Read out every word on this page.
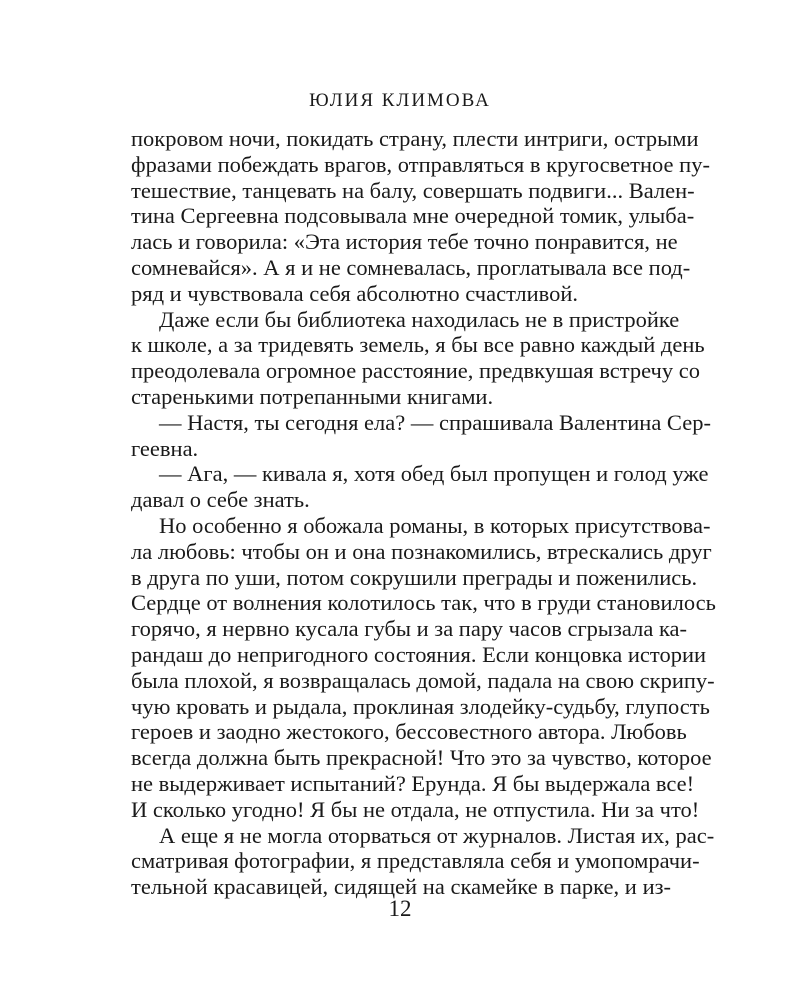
ЮЛИЯ КЛИМОВА
покровом ночи, покидать страну, плести интриги, острыми
фразами побеждать врагов, отправляться в кругосветное пу-
тешествие, танцевать на балу, совершать подвиги... Вален-
тина Сергеевна подсовывала мне очередной томик, улыба-
лась и говорила: «Эта история тебе точно понравится, не
сомневайся». А я и не сомневалась, проглатывала все под-
ряд и чувствовала себя абсолютно счастливой.
Даже если бы библиотека находилась не в пристройке
к школе, а за тридевять земель, я бы все равно каждый день
преодолевала огромное расстояние, предвкушая встречу со
старенькими потрепанными книгами.
— Настя, ты сегодня ела? — спрашивала Валентина Сер-
геевна.
— Ага, — кивала я, хотя обед был пропущен и голод уже
давал о себе знать.
Но особенно я обожала романы, в которых присутствова-
ла любовь: чтобы он и она познакомились, втрескались друг
в друга по уши, потом сокрушили преграды и поженились.
Сердце от волнения колотилось так, что в груди становилось
горячо, я нервно кусала губы и за пару часов сгрызала ка-
рандаш до непригодного состояния. Если концовка истории
была плохой, я возвращалась домой, падала на свою скрипу-
чую кровать и рыдала, проклиная злодейку-судьбу, глупость
героев и заодно жестокого, бессовестного автора. Любовь
всегда должна быть прекрасной! Что это за чувство, которое
не выдерживает испытаний? Ерунда. Я бы выдержала все!
И сколько угодно! Я бы не отдала, не отпустила. Ни за что!
А еще я не могла оторваться от журналов. Листая их, рас-
сматривая фотографии, я представляла себя и умопомрачи-
тельной красавицей, сидящей на скамейке в парке, и из-
12
